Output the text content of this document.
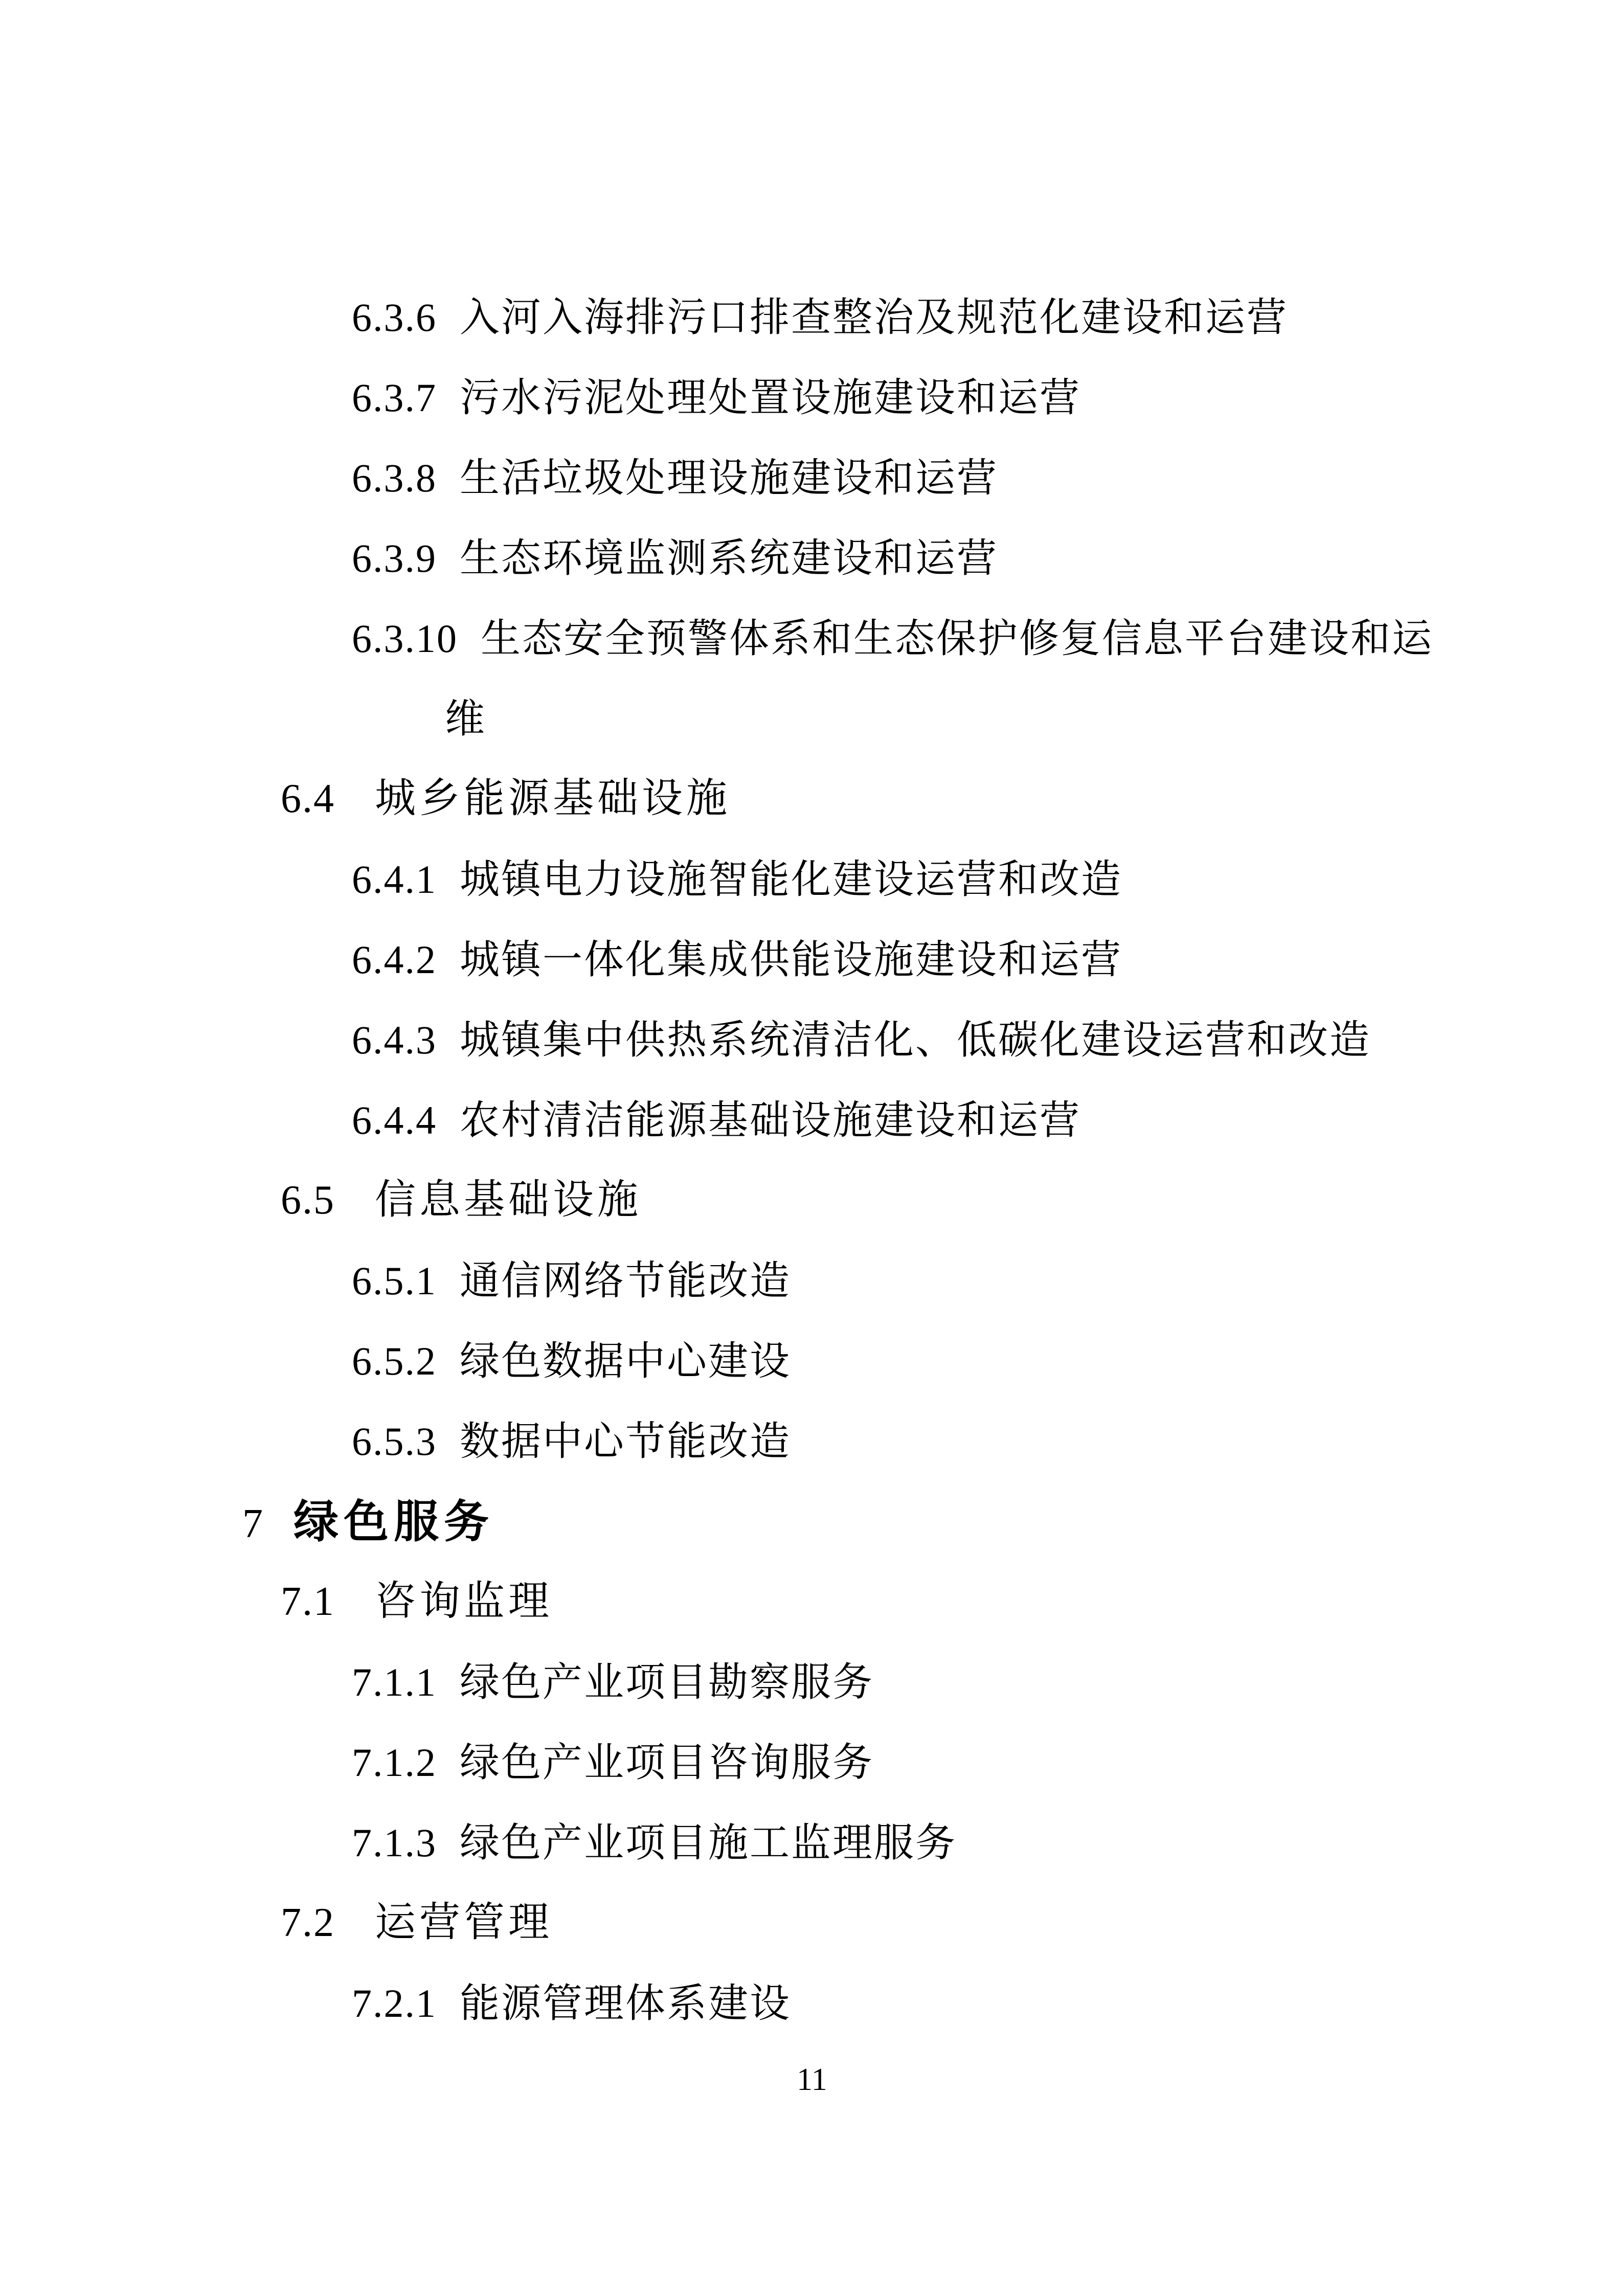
6.3.6 入河入海排污口排查整治及规范化建设和运营
6.3.7 污水污泥处理处置设施建设和运营
6.3.8 生活垃圾处理设施建设和运营
6.3.9 生态环境监测系统建设和运营
6.3.10 生态安全预警体系和生态保护修复信息平台建设和运
维
6.4 城乡能源基础设施
6.4.1 城镇电力设施智能化建设运营和改造
6.4.2 城镇一体化集成供能设施建设和运营
6.4.3 城镇集中供热系统清洁化、低碳化建设运营和改造
6.4.4 农村清洁能源基础设施建设和运营
6.5 信息基础设施
6.5.1 通信网络节能改造
6.5.2 绿色数据中心建设
6.5.3 数据中心节能改造
7 绿色服务
7.1 咨询监理
7.1.1 绿色产业项目勘察服务
7.1.2 绿色产业项目咨询服务
7.1.3 绿色产业项目施工监理服务
7.2 运营管理
7.2.1 能源管理体系建设
11
